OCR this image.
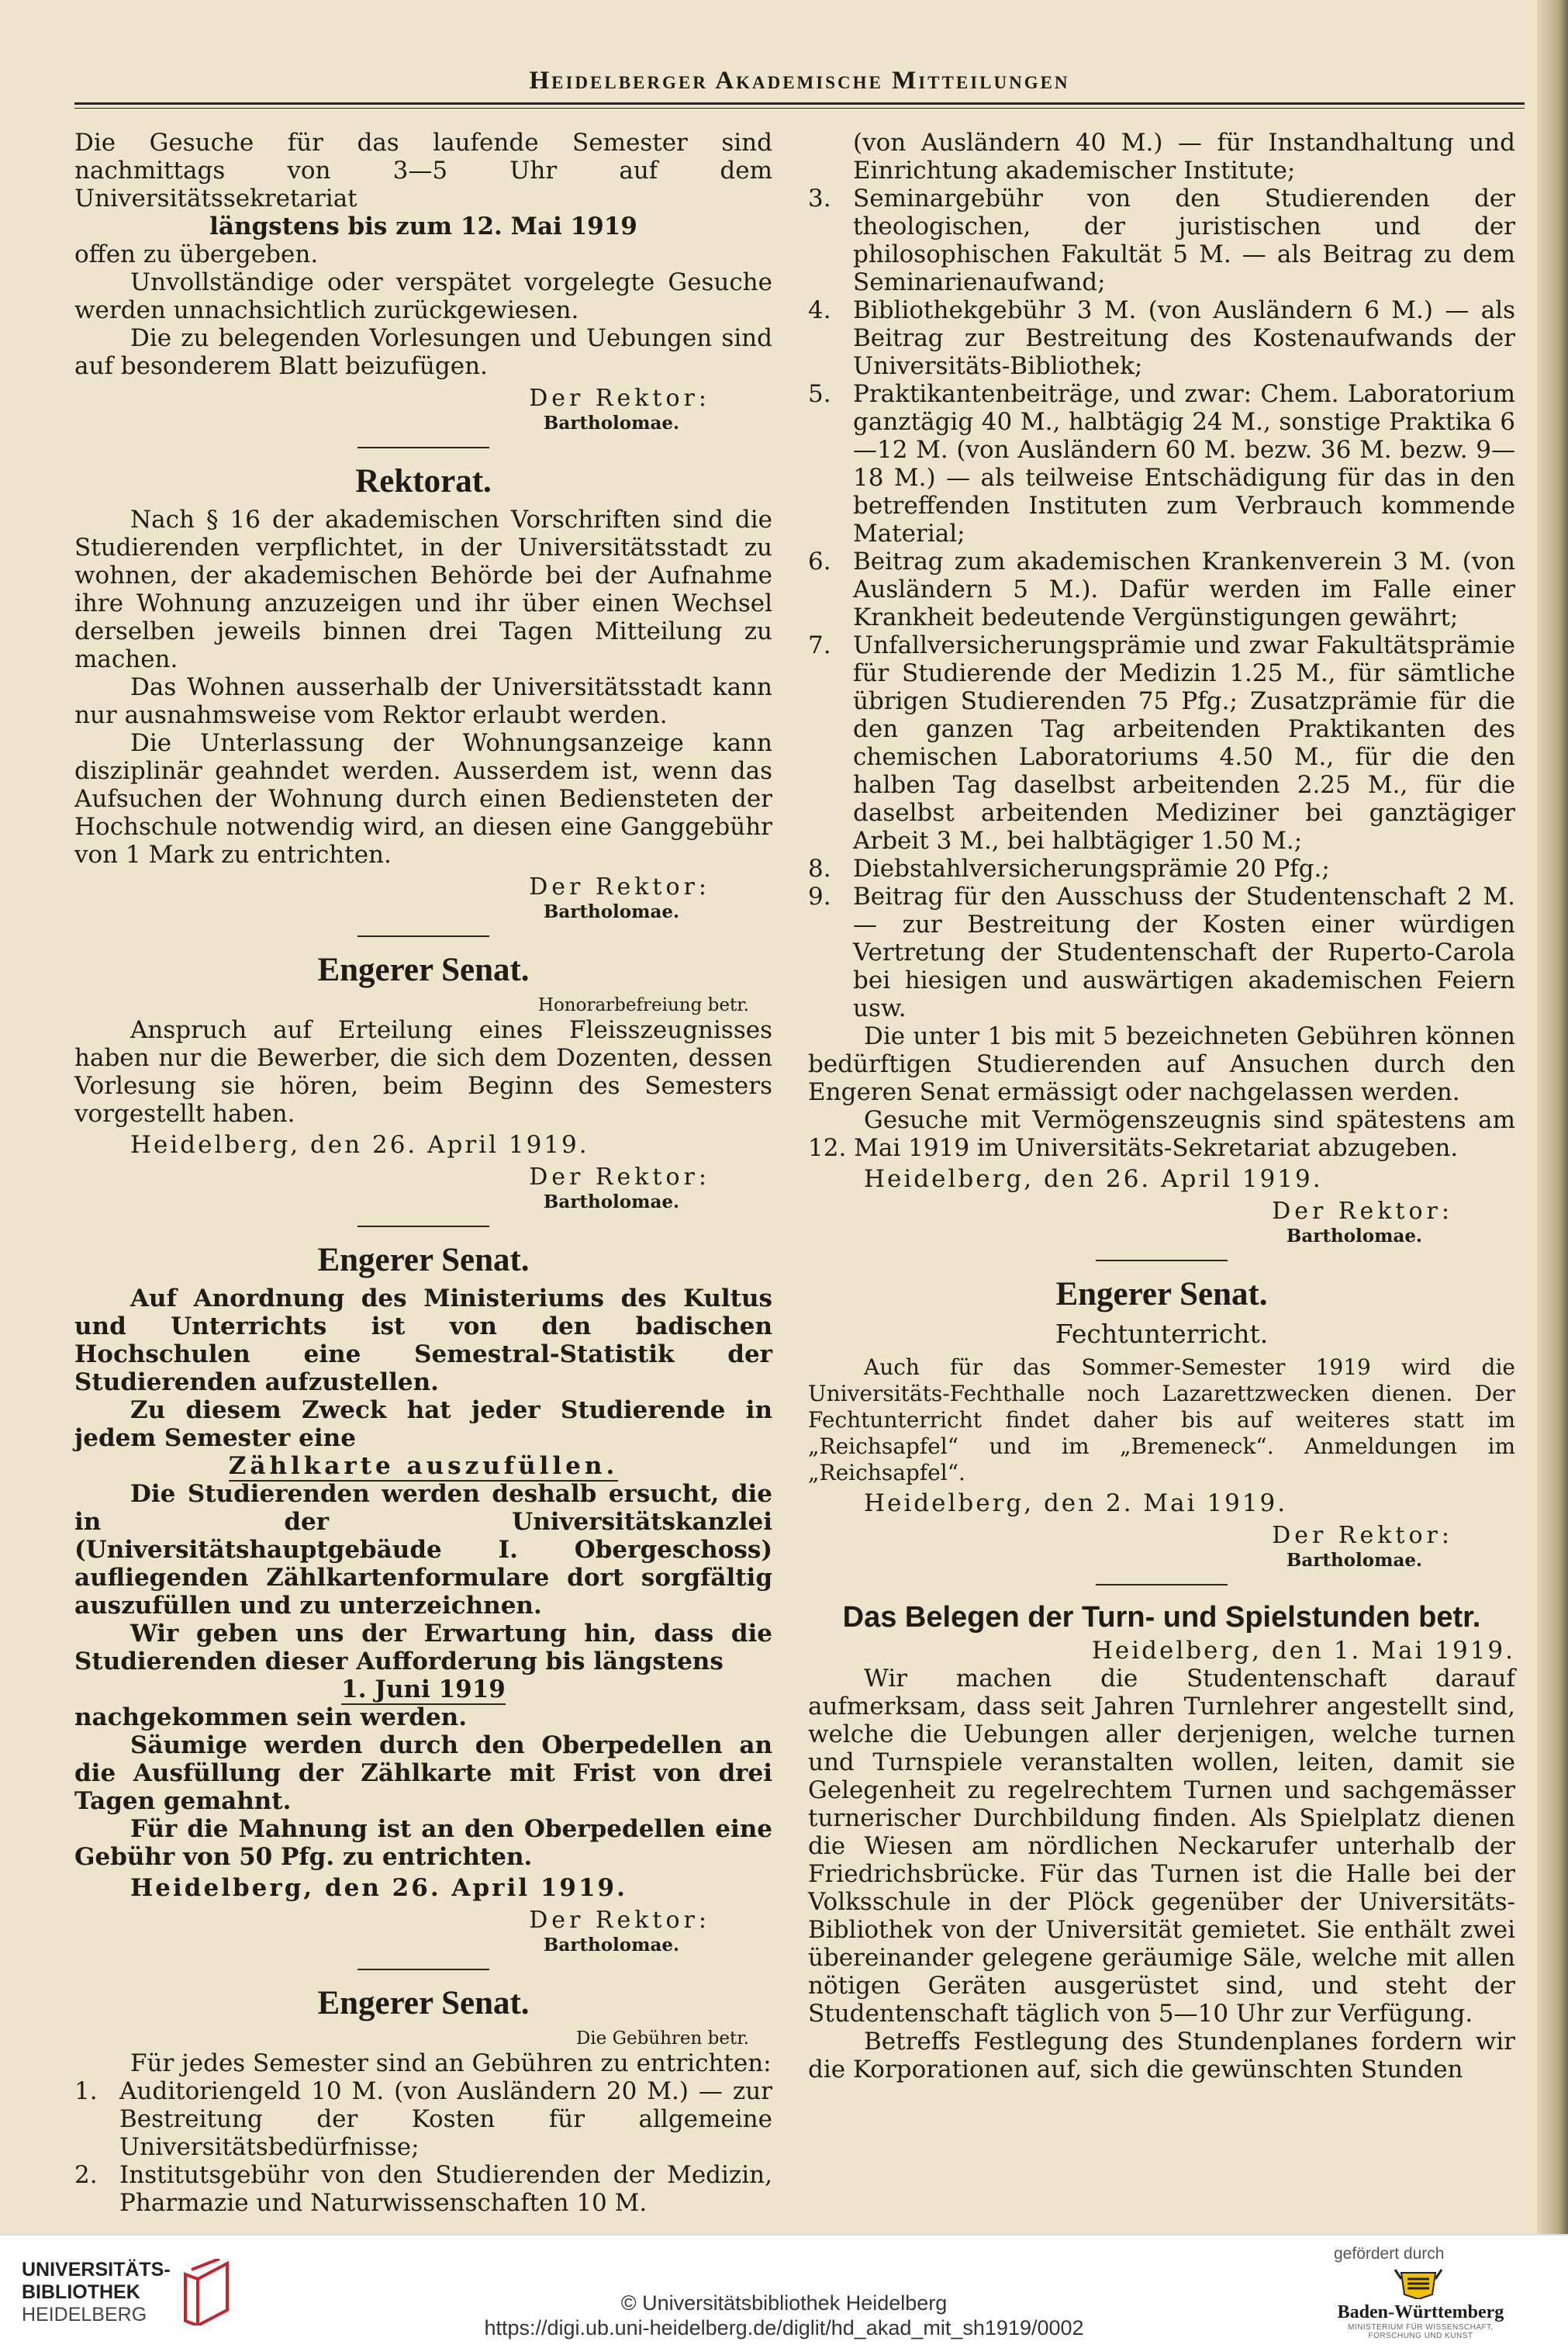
Heidelberger Akademische Mitteilungen

Die Gesuche für das laufende Semester sind nachmittags von 3—5 Uhr auf dem Universitätssekretariat

längstens bis zum 12. Mai 1919

offen zu übergeben.

Unvollständige oder verspätet vorgelegte Gesuche werden unnachsichtlich zurückgewiesen.

Die zu belegenden Vorlesungen und Uebungen sind auf besonderem Blatt beizufügen.

Der Rektor:
Bartholomae.
Rektorat.

Nach § 16 der akademischen Vorschriften sind die Studierenden verpflichtet, in der Universitätsstadt zu wohnen, der akademischen Behörde bei der Aufnahme ihre Wohnung anzuzeigen und ihr über einen Wechsel derselben jeweils binnen drei Tagen Mitteilung zu machen.

Das Wohnen ausserhalb der Universitätsstadt kann nur ausnahmsweise vom Rektor erlaubt werden.

Die Unterlassung der Wohnungsanzeige kann disziplinär geahndet werden. Ausserdem ist, wenn das Aufsuchen der Wohnung durch einen Bediensteten der Hochschule notwendig wird, an diesen eine Ganggebühr von 1 Mark zu entrichten.

Der Rektor:
Bartholomae.
Engerer Senat.
Honorarbefreiung betr.

Anspruch auf Erteilung eines Fleisszeugnisses haben nur die Bewerber, die sich dem Dozenten, dessen Vorlesung sie hören, beim Beginn des Semesters vorgestellt haben.

Heidelberg, den 26. April 1919.

Der Rektor:
Bartholomae.
Engerer Senat.

Auf Anordnung des Ministeriums des Kultus und Unterrichts ist von den badischen Hochschulen eine Semestral-Statistik der Studierenden aufzustellen.

Zu diesem Zweck hat jeder Studierende in jedem Semester eine

Zählkarte auszufüllen.

Die Studierenden werden deshalb ersucht, die in der Universitätskanzlei (Universitätshauptgebäude I. Obergeschoss) aufliegenden Zählkartenformulare dort sorgfältig auszufüllen und zu unterzeichnen.

Wir geben uns der Erwartung hin, dass die Studierenden dieser Aufforderung bis längstens

1. Juni 1919

nachgekommen sein werden.

Säumige werden durch den Oberpedellen an die Ausfüllung der Zählkarte mit Frist von drei Tagen gemahnt.

Für die Mahnung ist an den Oberpedellen eine Gebühr von 50 Pfg. zu entrichten.

Heidelberg, den 26. April 1919.

Der Rektor:
Bartholomae.
Engerer Senat.
Die Gebühren betr.

Für jedes Semester sind an Gebühren zu entrichten:

1. Auditoriengeld 10 M. (von Ausländern 20 M.) — zur Bestreitung der Kosten für allgemeine Universitätsbedürfnisse;
2. Institutsgebühr von den Studierenden der Medizin, Pharmazie und Naturwissenschaften 10 M.
(von Ausländern 40 M.) — für Instandhaltung und Einrichtung akademischer Institute;
3. Seminargebühr von den Studierenden der theologischen, der juristischen und der philosophischen Fakultät 5 M. — als Beitrag zu dem Seminarienaufwand;
4. Bibliothekgebühr 3 M. (von Ausländern 6 M.) — als Beitrag zur Bestreitung des Kostenaufwands der Universitäts-Bibliothek;
5. Praktikantenbeiträge, und zwar: Chem. Laboratorium ganztägig 40 M., halbtägig 24 M., sonstige Praktika 6—12 M. (von Ausländern 60 M. bezw. 36 M. bezw. 9—18 M.) — als teilweise Entschädigung für das in den betreffenden Instituten zum Verbrauch kommende Material;
6. Beitrag zum akademischen Krankenverein 3 M. (von Ausländern 5 M.). Dafür werden im Falle einer Krankheit bedeutende Vergünstigungen gewährt;
7. Unfallversicherungsprämie und zwar Fakultätsprämie für Studierende der Medizin 1.25 M., für sämtliche übrigen Studierenden 75 Pfg.; Zusatzprämie für die den ganzen Tag arbeitenden Praktikanten des chemischen Laboratoriums 4.50 M., für die den halben Tag daselbst arbeitenden 2.25 M., für die daselbst arbeitenden Mediziner bei ganztägiger Arbeit 3 M., bei halbtägiger 1.50 M.;
8. Diebstahlversicherungsprämie 20 Pfg.;
9. Beitrag für den Ausschuss der Studentenschaft 2 M. — zur Bestreitung der Kosten einer würdigen Vertretung der Studentenschaft der Ruperto-Carola bei hiesigen und auswärtigen akademischen Feiern usw.

Die unter 1 bis mit 5 bezeichneten Gebühren können bedürftigen Studierenden auf Ansuchen durch den Engeren Senat ermässigt oder nachgelassen werden.

Gesuche mit Vermögenszeugnis sind spätestens am 12. Mai 1919 im Universitäts-Sekretariat abzugeben.

Heidelberg, den 26. April 1919.

Der Rektor:
Bartholomae.
Engerer Senat.
Fechtunterricht.

Auch für das Sommer-Semester 1919 wird die Universitäts-Fechthalle noch Lazarettzwecken dienen. Der Fechtunterricht findet daher bis auf weiteres statt im „Reichsapfel“ und im „Bremeneck“. Anmeldungen im „Reichsapfel“.

Heidelberg, den 2. Mai 1919.

Der Rektor:
Bartholomae.
Das Belegen der Turn- und Spielstunden betr.

Heidelberg, den 1. Mai 1919.

Wir machen die Studentenschaft darauf aufmerksam, dass seit Jahren Turnlehrer angestellt sind, welche die Uebungen aller derjenigen, welche turnen und Turnspiele veranstalten wollen, leiten, damit sie Gelegenheit zu regelrechtem Turnen und sachgemässer turnerischer Durchbildung finden. Als Spielplatz dienen die Wiesen am nördlichen Neckarufer unterhalb der Friedrichsbrücke. Für das Turnen ist die Halle bei der Volksschule in der Plöck gegenüber der Universitäts-Bibliothek von der Universität gemietet. Sie enthält zwei übereinander gelegene geräumige Säle, welche mit allen nötigen Geräten ausgerüstet sind, und steht der Studentenschaft täglich von 5—10 Uhr zur Verfügung.

Betreffs Festlegung des Stundenplanes fordern wir die Korporationen auf, sich die gewünschten Stunden

UNIVERSITÄTS-
BIBLIOTHEK
HEIDELBERG	© Universitätsbibliothek Heidelberg
https://digi.ub.uni-heidelberg.de/diglit/hd_akad_mit_sh1919/0002
gefördert durch
Baden-Württemberg
MINISTERIUM FÜR WISSENSCHAFT, FORSCHUNG UND KUNST
